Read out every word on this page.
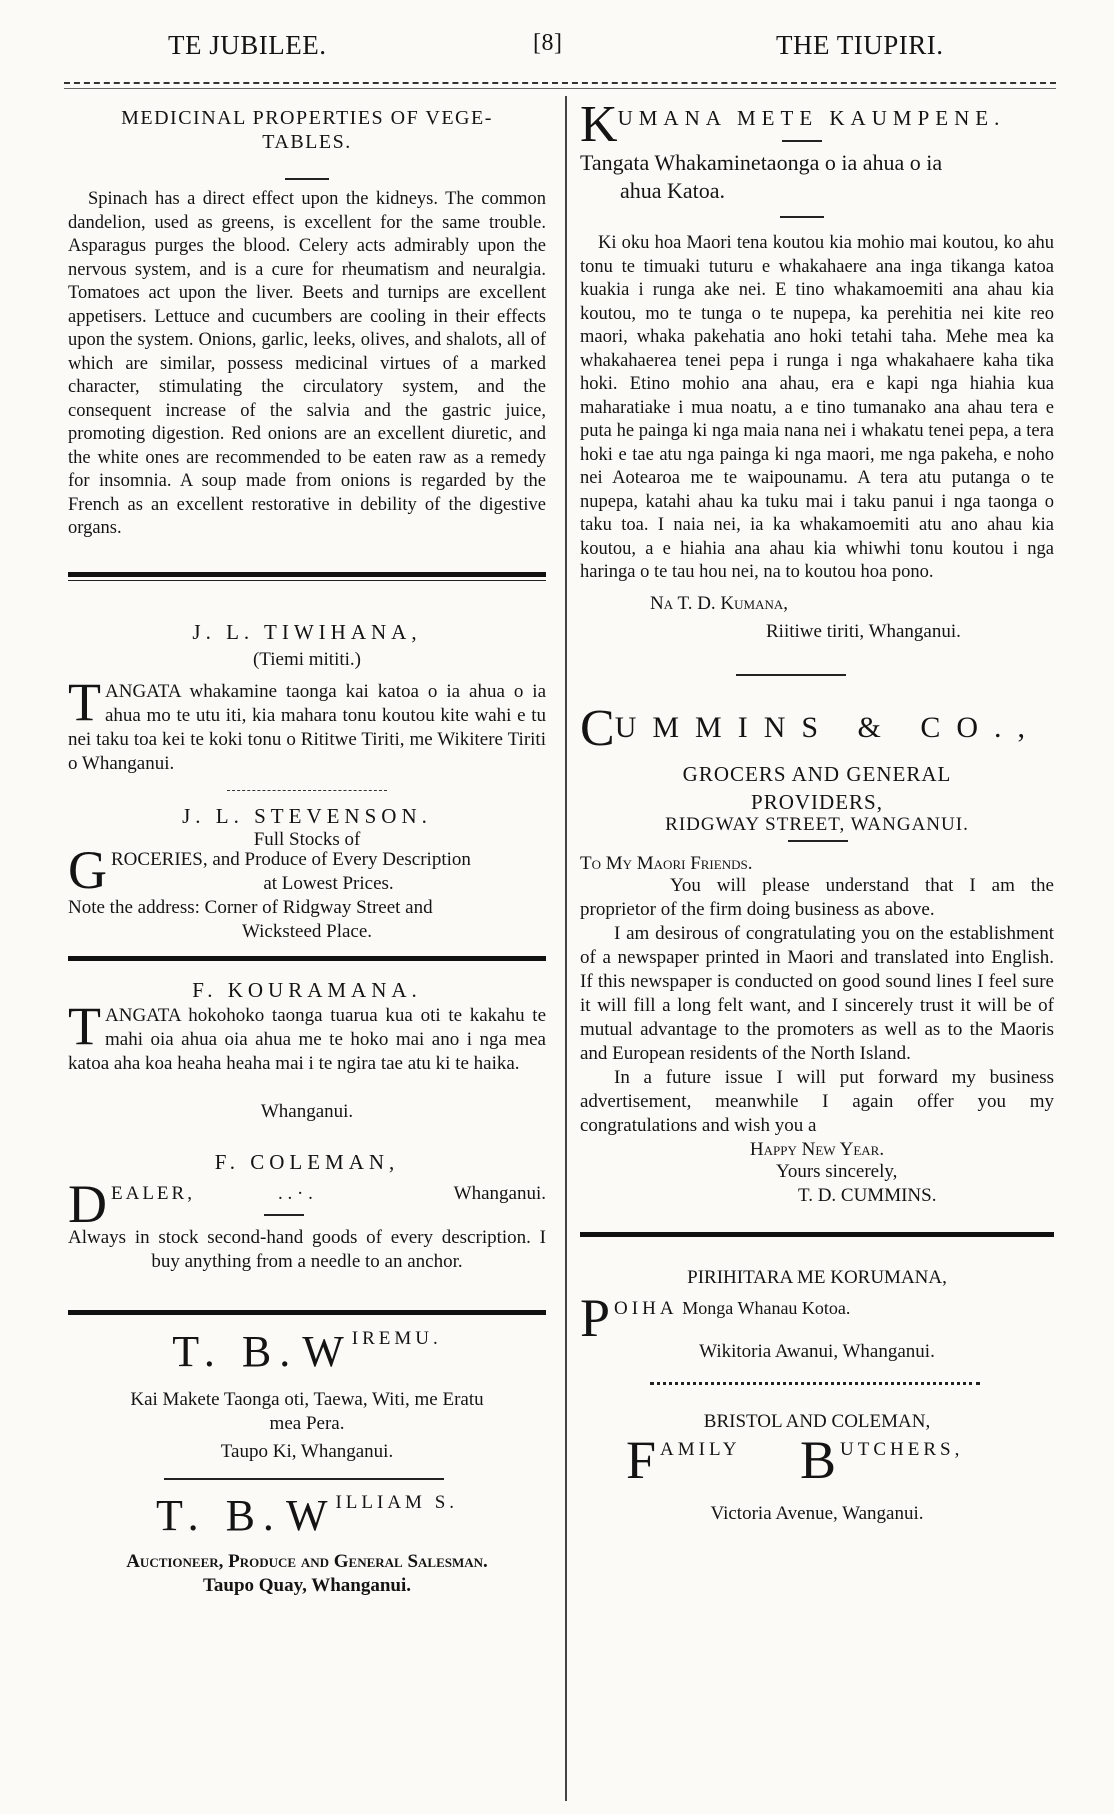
TE JUBILEE.	[8]	THE TIUPIRI.
MEDICINAL PROPERTIES OF VEGE-TABLES.
Spinach has a direct effect upon the kidneys. The common dandelion, used as greens, is excellent for the same trouble. Asparagus purges the blood. Celery acts admirably upon the nervous system, and is a cure for rheumatism and neuralgia. Tomatoes act upon the liver. Beets and turnips are excellent appetisers. Lettuce and cucumbers are cooling in their effects upon the system. Onions, garlic, leeks, olives, and shalots, all of which are similar, possess medicinal virtues of a marked character, stimulating the circulatory system, and the consequent increase of the salvia and the gastric juice, promoting digestion. Red onions are an excellent diuretic, and the white ones are recommended to be eaten raw as a remedy for insomnia. A soup made from onions is regarded by the French as an excellent restorative in debility of the digestive organs.
J. L. TIWIHANA,
(Tiemi mititi.)
TANGATA whakamine taonga kai katoa o ia ahua o ia ahua mo te utu iti, kia mahara tonu koutou kite wahi e tu nei taku toa kei te koki tonu o Rititwe Tiriti, me Wikitere Tiriti o Whanganui.
J. L. STEVENSON.
Full Stocks of
G ROCERIES, and Produce of Every Description
at Lowest Prices.
Note the address: Corner of Ridgway Street and
Wicksteed Place.
F. KOURAMANA.
TANGATA hokohoko taonga tuarua kua oti te kakahu te mahi oia ahua oia ahua me te hoko mai ano i nga mea katoa aha koa heaha heaha mai i te ngira tae atu ki te haika.
Whanganui.
F. COLEMAN,
D EALER,	. . · .	Whanganui.
Always in stock second-hand goods of every description. I buy anything from a needle to an anchor.
T. B. WIREMU.
Kai Makete Taonga oti, Taewa, Witi, me Eratu
mea Pera.
Taupo Ki, Whanganui.
T. B. WILLIAM S.
Auctioneer, Produce and General Salesman.
Taupo Quay, Whanganui.
KUMANA METE KAUMPENE.
Tangata Whakaminetaonga o ia ahua o ia
ahua Katoa.
Ki oku hoa Maori tena koutou kia mohio mai koutou, ko ahu tonu te timuaki tuturu e whakahaere ana inga tikanga katoa kuakia i runga ake nei. E tino whakamoemiti ana ahau kia koutou, mo te tunga o te nupepa, ka perehitia nei kite reo maori, whaka pakehatia ano hoki tetahi taha. Mehe mea ka whakahaerea tenei pepa i runga i nga whakahaere kaha tika hoki. Etino mohio ana ahau, era e kapi nga hiahia kua maharatiake i mua noatu, a e tino tumanako ana ahau tera e puta he painga ki nga maia nana nei i whakatu tenei pepa, a tera hoki e tae atu nga painga ki nga maori, me nga pakeha, e noho nei Aotearoa me te waipounamu. A tera atu putanga o te nupepa, katahi ahau ka tuku mai i taku panui i nga taonga o taku toa. I naia nei, ia ka whakamoemiti atu ano ahau kia koutou, a e hiahia ana ahau kia whiwhi tonu koutou i nga haringa o te tau hou nei, na to koutou hoa pono.
Na T. D. Kumana,
Riitiwe tiriti, Whanganui.
CUMMINS & CO.,
GROCERS AND GENERAL
PROVIDERS,
RIDGWAY STREET, WANGANUI.
To My Maori Friends.
You will please understand that I am the proprietor of the firm doing business as above.
I am desirous of congratulating you on the establishment of a newspaper printed in Maori and translated into English. If this newspaper is conducted on good sound lines I feel sure it will fill a long felt want, and I sincerely trust it will be of mutual advantage to the promoters as well as to the Maoris and European residents of the North Island.
In a future issue I will put forward my business advertisement, meanwhile I again offer you my congratulations and wish you a
Happy New Year.
Yours sincerely,
T. D. CUMMINS.
PIRIHITARA ME KORUMANA,
P OIHA Monga Whanau Kotoa.
Wikitoria Awanui, Whanganui.
BRISTOL AND COLEMAN,
FAMILY BUTCHERS,
Victoria Avenue, Wanganui.
